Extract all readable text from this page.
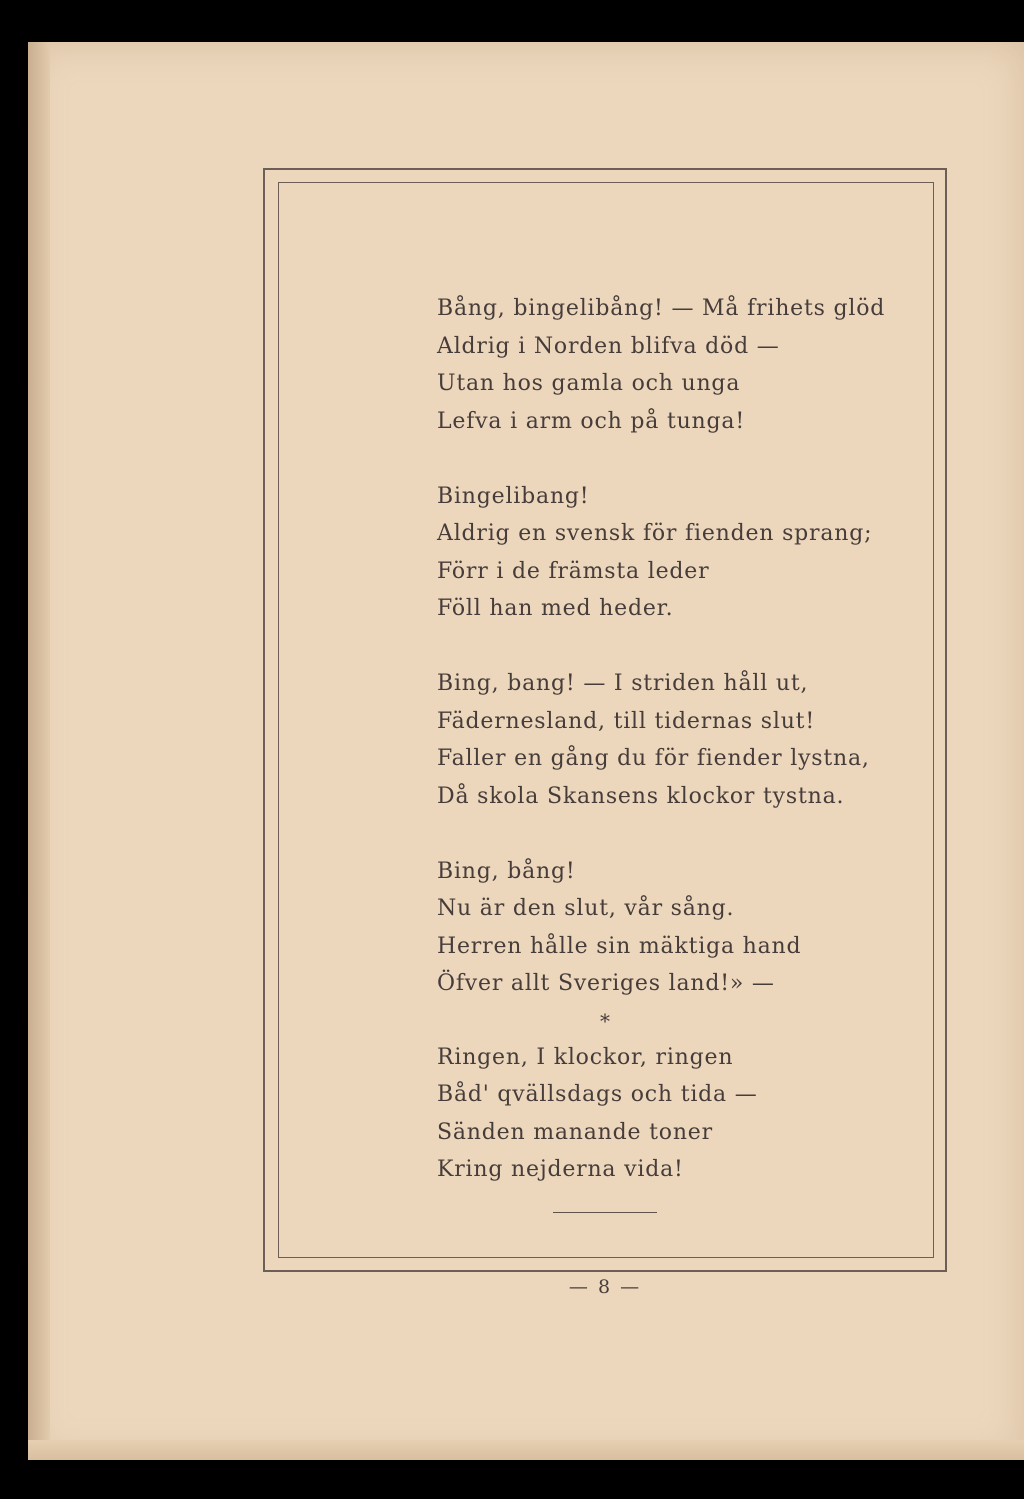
Bång, bingelibång! — Må frihets glöd
Aldrig i Norden blifva död —
Utan hos gamla och unga
Lefva i arm och på tunga!
Bingelibang!
Aldrig en svensk för fienden sprang;
Förr i de främsta leder
Föll han med heder.
Bing, bang! — I striden håll ut,
Fädernesland, till tidernas slut!
Faller en gång du för fiender lystna,
Då skola Skansens klockor tystna.
Bing, bång!
Nu är den slut, vår sång.
Herren hålle sin mäktiga hand
Öfver allt Sveriges land!» —
*
Ringen, I klockor, ringen
Båd' qvällsdags och tida —
Sänden manande toner
Kring nejderna vida!
— 8 —
